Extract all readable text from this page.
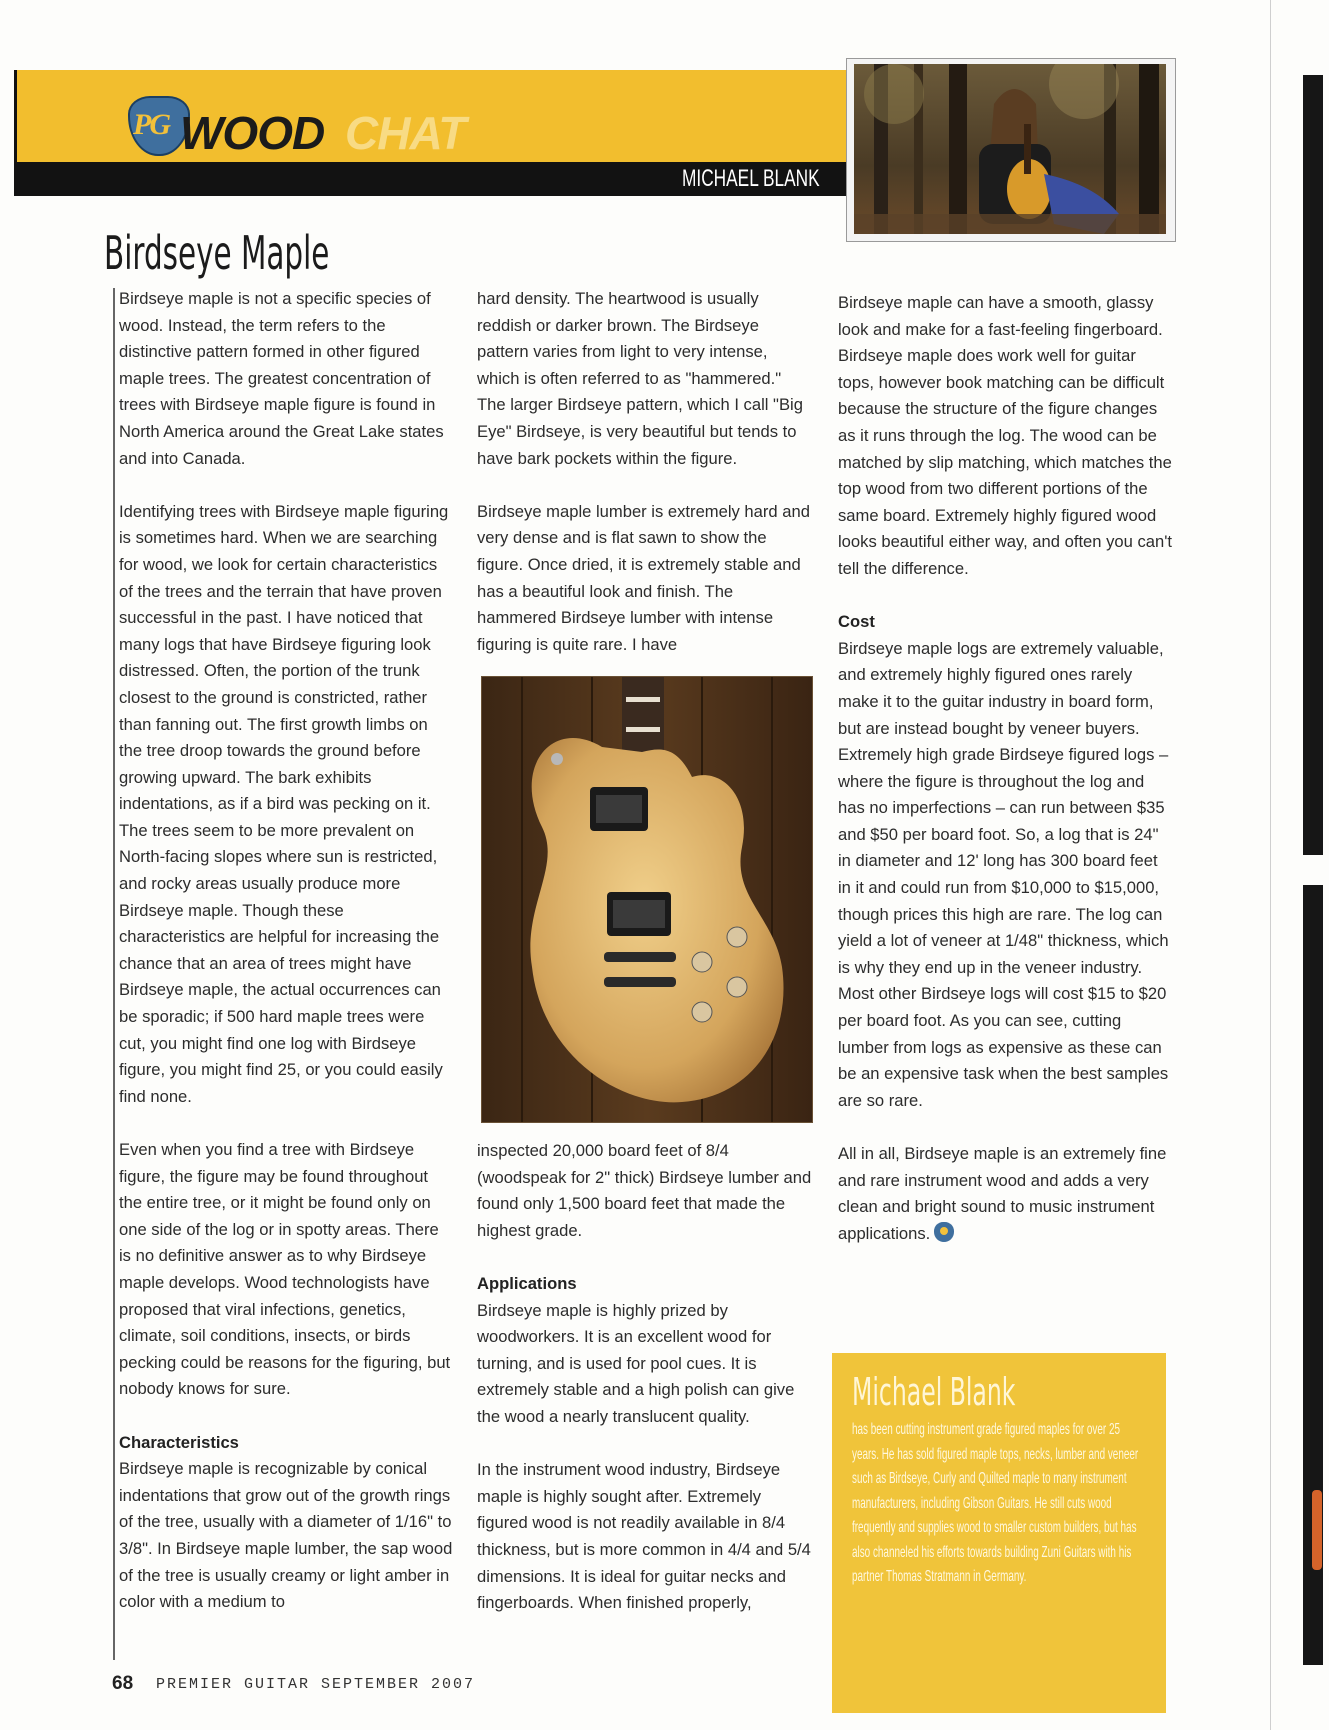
PG WOOD CHAT
MICHAEL BLANK
Birdseye Maple

Birdseye maple is not a specific species of wood. Instead, the term refers to the distinctive pattern formed in other figured maple trees. The greatest concentration of trees with Birdseye maple figure is found in North America around the Great Lake states and into Canada.

Identifying trees with Birdseye maple figuring is sometimes hard. When we are searching for wood, we look for certain characteristics of the trees and the terrain that have proven successful in the past. I have noticed that many logs that have Birdseye figuring look distressed. Often, the portion of the trunk closest to the ground is constricted, rather than fanning out. The first growth limbs on the tree droop towards the ground before growing upward. The bark exhibits indentations, as if a bird was pecking on it. The trees seem to be more prevalent on North-facing slopes where sun is restricted, and rocky areas usually produce more Birdseye maple. Though these characteristics are helpful for increasing the chance that an area of trees might have Birdseye maple, the actual occurrences can be sporadic; if 500 hard maple trees were cut, you might find one log with Birdseye figure, you might find 25, or you could easily find none.

Even when you find a tree with Birdseye figure, the figure may be found throughout the entire tree, or it might be found only on one side of the log or in spotty areas. There is no definitive answer as to why Birdseye maple develops. Wood technologists have proposed that viral infections, genetics, climate, soil conditions, insects, or birds pecking could be reasons for the figuring, but nobody knows for sure.

Characteristics

Birdseye maple is recognizable by conical indentations that grow out of the growth rings of the tree, usually with a diameter of 1/16" to 3/8". In Birdseye maple lumber, the sap wood of the tree is usually creamy or light amber in color with a medium to

hard density. The heartwood is usually reddish or darker brown. The Birdseye pattern varies from light to very intense, which is often referred to as "hammered." The larger Birdseye pattern, which I call "Big Eye" Birdseye, is very beautiful but tends to have bark pockets within the figure.

Birdseye maple lumber is extremely hard and very dense and is flat sawn to show the figure. Once dried, it is extremely stable and has a beautiful look and finish. The hammered Birdseye lumber with intense figuring is quite rare. I have

inspected 20,000 board feet of 8/4 (woodspeak for 2" thick) Birdseye lumber and found only 1,500 board feet that made the highest grade.

Applications

Birdseye maple is highly prized by woodworkers. It is an excellent wood for turning, and is used for pool cues. It is extremely stable and a high polish can give the wood a nearly translucent quality.

In the instrument wood industry, Birdseye maple is highly sought after. Extremely figured wood is not readily available in 8/4 thickness, but is more common in 4/4 and 5/4 dimensions. It is ideal for guitar necks and fingerboards. When finished properly,

Birdseye maple can have a smooth, glassy look and make for a fast-feeling fingerboard. Birdseye maple does work well for guitar tops, however book matching can be difficult because the structure of the figure changes as it runs through the log. The wood can be matched by slip matching, which matches the top wood from two different portions of the same board. Extremely highly figured wood looks beautiful either way, and often you can't tell the difference.

Cost

Birdseye maple logs are extremely valuable, and extremely highly figured ones rarely make it to the guitar industry in board form, but are instead bought by veneer buyers. Extremely high grade Birdseye figured logs – where the figure is throughout the log and has no imperfections – can run between $35 and $50 per board foot. So, a log that is 24" in diameter and 12' long has 300 board feet in it and could run from $10,000 to $15,000, though prices this high are rare. The log can yield a lot of veneer at 1/48" thickness, which is why they end up in the veneer industry. Most other Birdseye logs will cost $15 to $20 per board foot. As you can see, cutting lumber from logs as expensive as these can be an expensive task when the best samples are so rare.

All in all, Birdseye maple is an extremely fine and rare instrument wood and adds a very clean and bright sound to music instrument applications.

Michael Blank
has been cutting instrument grade figured maples for over 25 years. He has sold figured maple tops, necks, lumber and veneer such as Birdseye, Curly and Quilted maple to many instrument manufacturers, including Gibson Guitars. He still cuts wood frequently and supplies wood to smaller custom builders, but has also channeled his efforts towards building Zuni Guitars with his partner Thomas Stratmann in Germany.
68 PREMIER GUITAR SEPTEMBER 2007
